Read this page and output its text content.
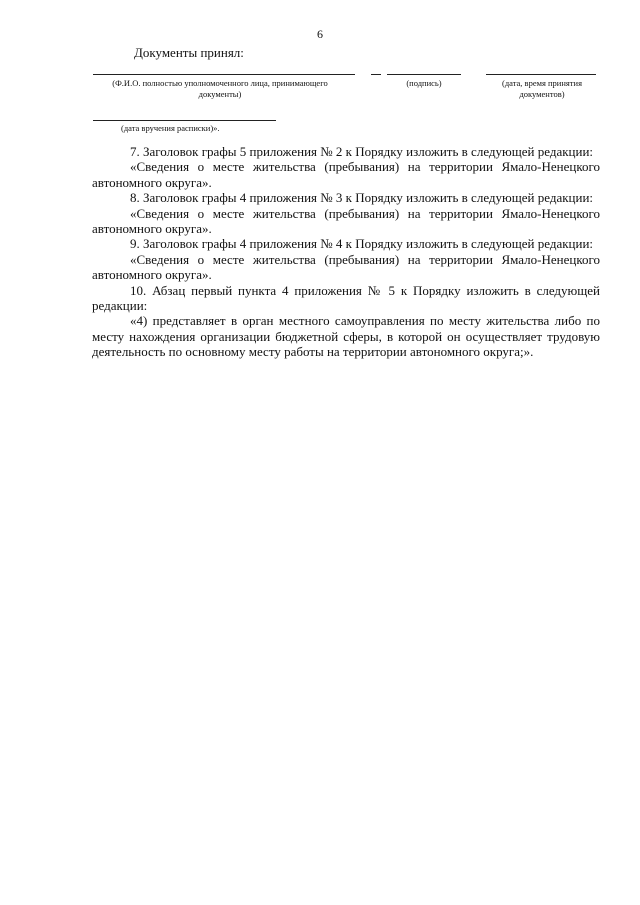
6
Документы принял:
(Ф.И.О. полностью уполномоченного лица, принимающего документы)
(подпись)	(дата, время принятия документов)
(дата вручения расписки)».

7. Заголовок графы 5 приложения № 2 к Порядку изложить в следующей редакции:

«Сведения о месте жительства (пребывания) на территории Ямало-Ненецкого автономного округа».

8. Заголовок графы 4 приложения № 3 к Порядку изложить в следующей редакции:

«Сведения о месте жительства (пребывания) на территории Ямало-Ненецкого автономного округа».

9. Заголовок графы 4 приложения № 4 к Порядку изложить в следующей редакции:

«Сведения о месте жительства (пребывания) на территории Ямало-Ненецкого автономного округа».

10. Абзац первый пункта 4 приложения № 5 к Порядку изложить в следующей редакции:

«4) представляет в орган местного самоуправления по месту жительства либо по месту нахождения организации бюджетной сферы, в которой он осуществляет трудовую деятельность по основному месту работы на территории автономного округа;».
